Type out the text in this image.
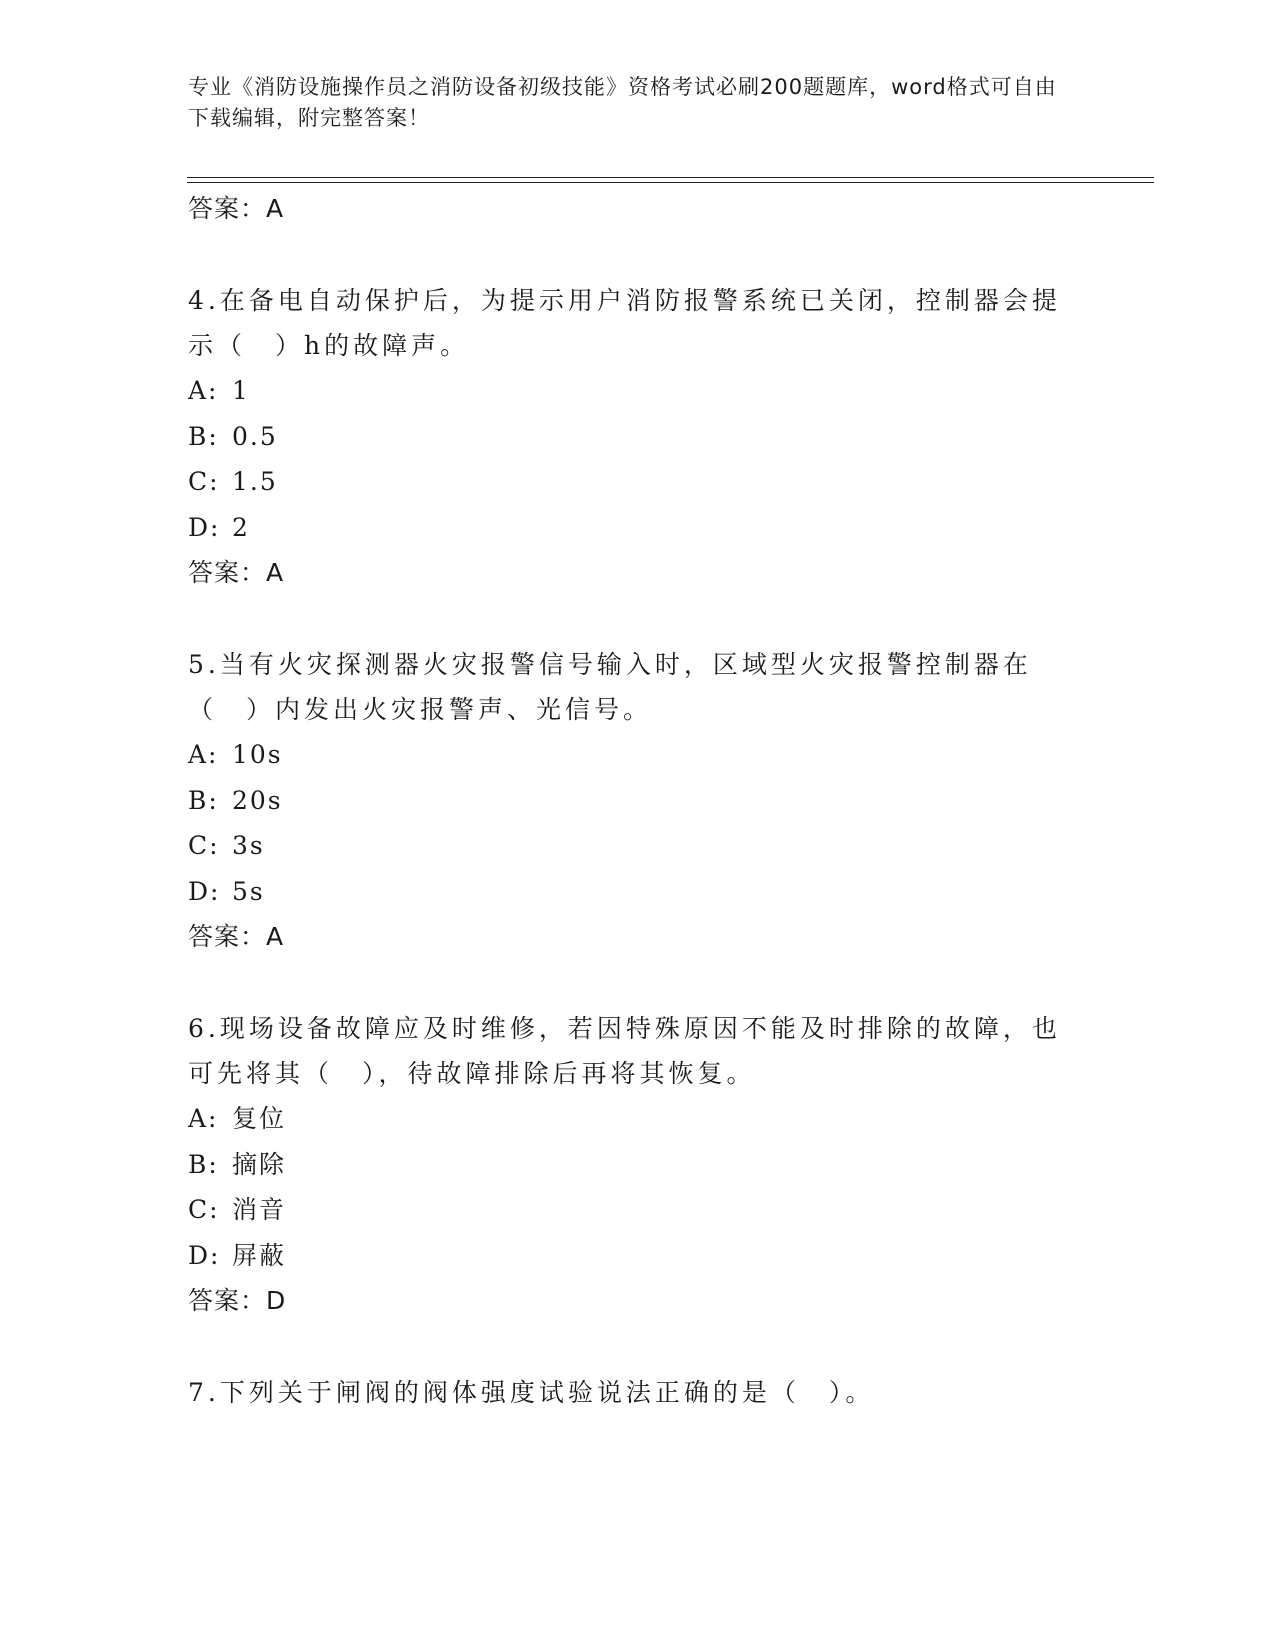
专业《消防设施操作员之消防设备初级技能》资格考试必刷200题题库，word格式可自由下载编辑，附完整答案！
答案：A
4.在备电自动保护后，为提示用户消防报警系统已关闭，控制器会提示（　）h的故障声。
A: 1
B: 0.5
C: 1.5
D: 2
答案：A
5.当有火灾探测器火灾报警信号输入时，区域型火灾报警控制器在（　）内发出火灾报警声、光信号。
A: 10s
B: 20s
C: 3s
D: 5s
答案：A
6.现场设备故障应及时维修，若因特殊原因不能及时排除的故障，也可先将其（　），待故障排除后再将其恢复。
A: 复位
B: 摘除
C: 消音
D: 屏蔽
答案：D
7.下列关于闸阀的阀体强度试验说法正确的是（　）。
